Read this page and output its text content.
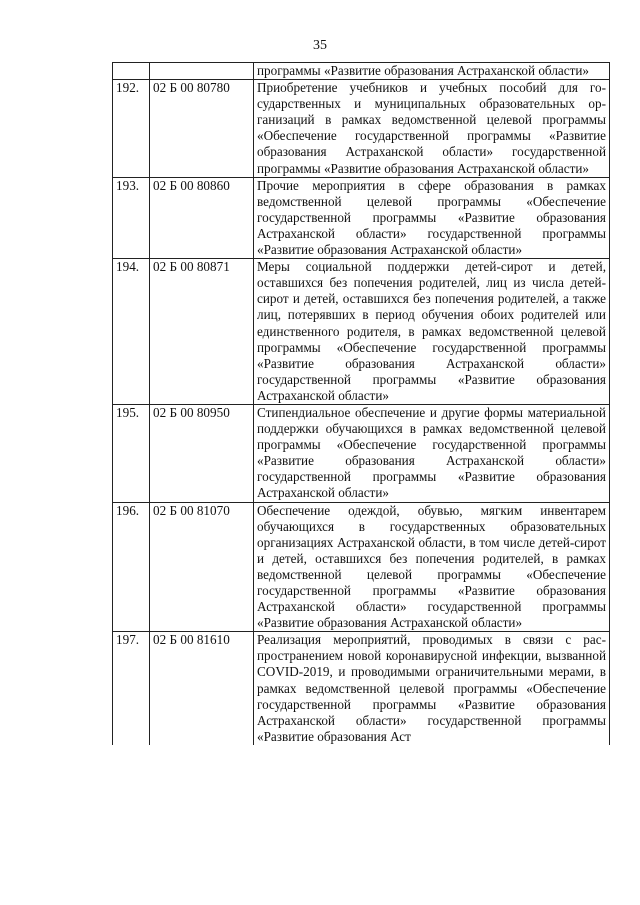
35
		программы «Развитие образования Астраханской области»
192.	02 Б 00 80780	Приобретение учебников и учебных пособий для государственных и муниципальных образовательных организаций в рамках ведомственной целевой программы «Обеспечение государственной программы «Развитие образования Астраханской области» государственной программы «Развитие образования Астраханской области»
193.	02 Б 00 80860	Прочие мероприятия в сфере образования в рамках ведомственной целевой программы «Обеспечение государственной программы «Развитие образования Астраханской области» государственной программы «Развитие образования Астраханской области»
194.	02 Б 00 80871	Меры социальной поддержки детей-сирот и детей, оставшихся без попечения родителей, лиц из числа детей-сирот и детей, оставшихся без попечения родителей, а также лиц, потерявших в период обучения обоих родителей или единственного родителя, в рамках ведомственной целевой программы «Обеспечение государственной программы «Развитие образования Астраханской области» государственной программы «Развитие образования Астраханской области»
195.	02 Б 00 80950	Стипендиальное обеспечение и другие формы материальной поддержки обучающихся в рамках ведомственной целевой программы «Обеспечение государственной программы «Развитие образования Астраханской области» государственной программы «Развитие образования Астраханской области»
196.	02 Б 00 81070	Обеспечение одеждой, обувью, мягким инвентарем обучающихся в государственных образовательных организациях Астраханской области, в том числе детей-сирот и детей, оставшихся без попечения родителей, в рамках ведомственной целевой программы «Обеспечение государственной программы «Развитие образования Астраханской области» государственной программы «Развитие образования Астраханской области»
197.	02 Б 00 81610	Реализация мероприятий, проводимых в связи с распространением новой коронавирусной инфекции, вызванной COVID-2019, и проводимыми ограничительными мерами, в рамках ведомственной целевой программы «Обеспечение государственной программы «Развитие образования Астраханской области» государственной программы «Развитие образования Аст
